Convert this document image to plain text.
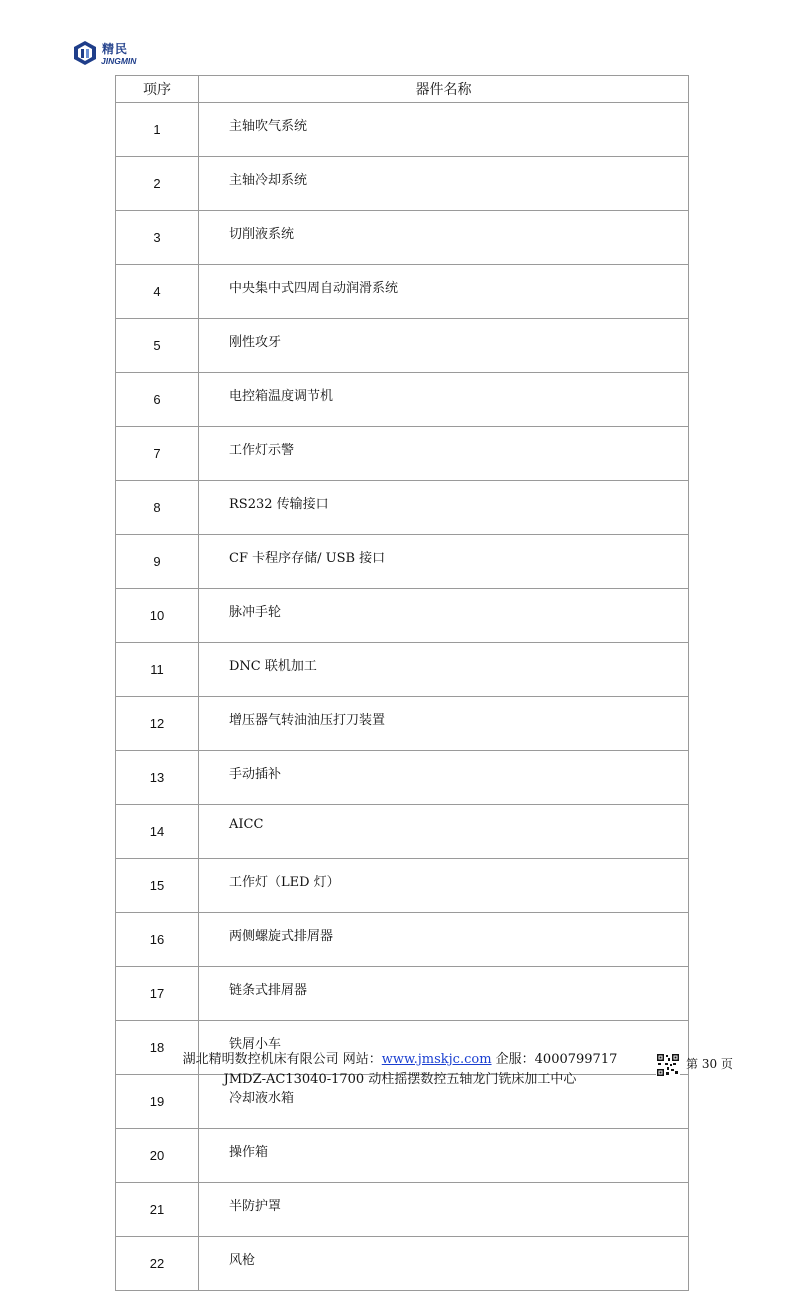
精民
JINGMIN
项序	器件名称
1	主轴吹气系统
2	主轴冷却系统
3	切削液系统
4	中央集中式四周自动润滑系统
5	刚性攻牙
6	电控箱温度调节机
7	工作灯示警
8	RS232 传输接口
9	CF 卡程序存储/ USB 接口
10	脉冲手轮
11	DNC 联机加工
12	增压器气转油油压打刀装置
13	手动插补
14	AICC
15	工作灯（LED 灯）
16	两侧螺旋式排屑器
17	链条式排屑器
18	铁屑小车
19	冷却液水箱
20	操作箱
21	半防护罩
22	风枪
湖北精明数控机床有限公司 网站：www.jmskjc.com 企服：4000799717
JMDZ-AC13040-1700 动柱摇摆数控五轴龙门铣床加工中心
第 30 页
